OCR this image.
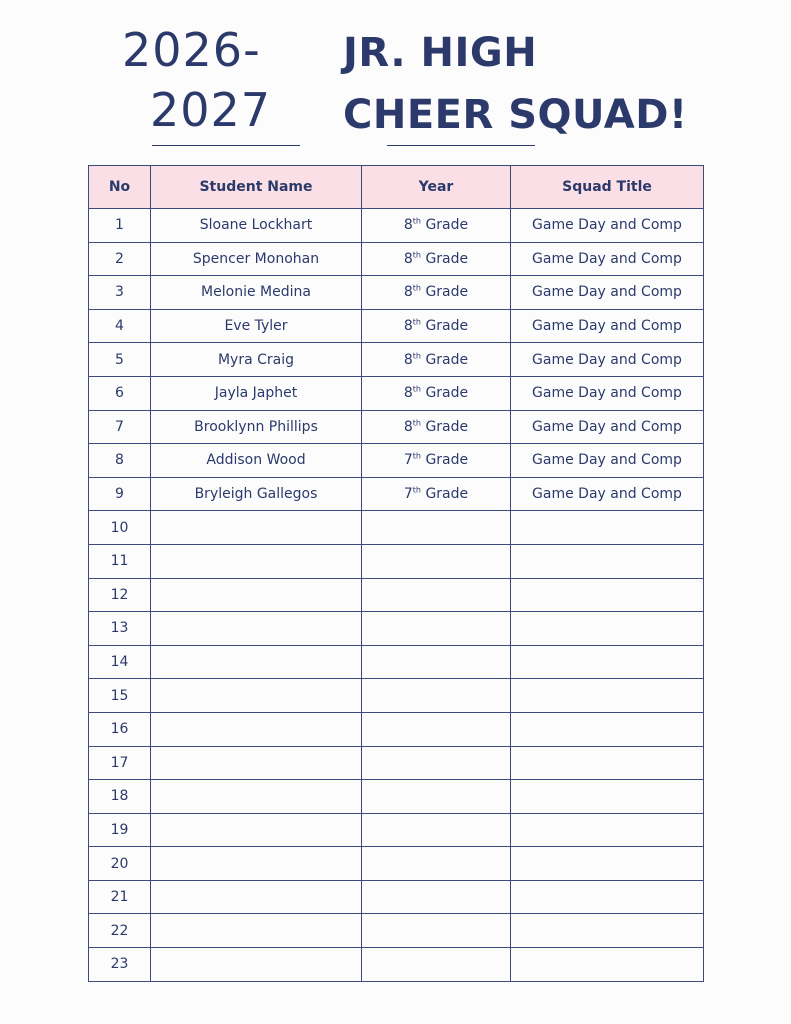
2026-
2027
JR. HIGH
CHEER SQUAD!
No	Student Name	Year	Squad Title
1	Sloane Lockhart	8th Grade	Game Day and Comp
2	Spencer Monohan	8th Grade	Game Day and Comp
3	Melonie Medina	8th Grade	Game Day and Comp
4	Eve Tyler	8th Grade	Game Day and Comp
5	Myra Craig	8th Grade	Game Day and Comp
6	Jayla Japhet	8th Grade	Game Day and Comp
7	Brooklynn Phillips	8th Grade	Game Day and Comp
8	Addison Wood	7th Grade	Game Day and Comp
9	Bryleigh Gallegos	7th Grade	Game Day and Comp
10			
11			
12			
13			
14			
15			
16			
17			
18			
19			
20			
21			
22			
23			
